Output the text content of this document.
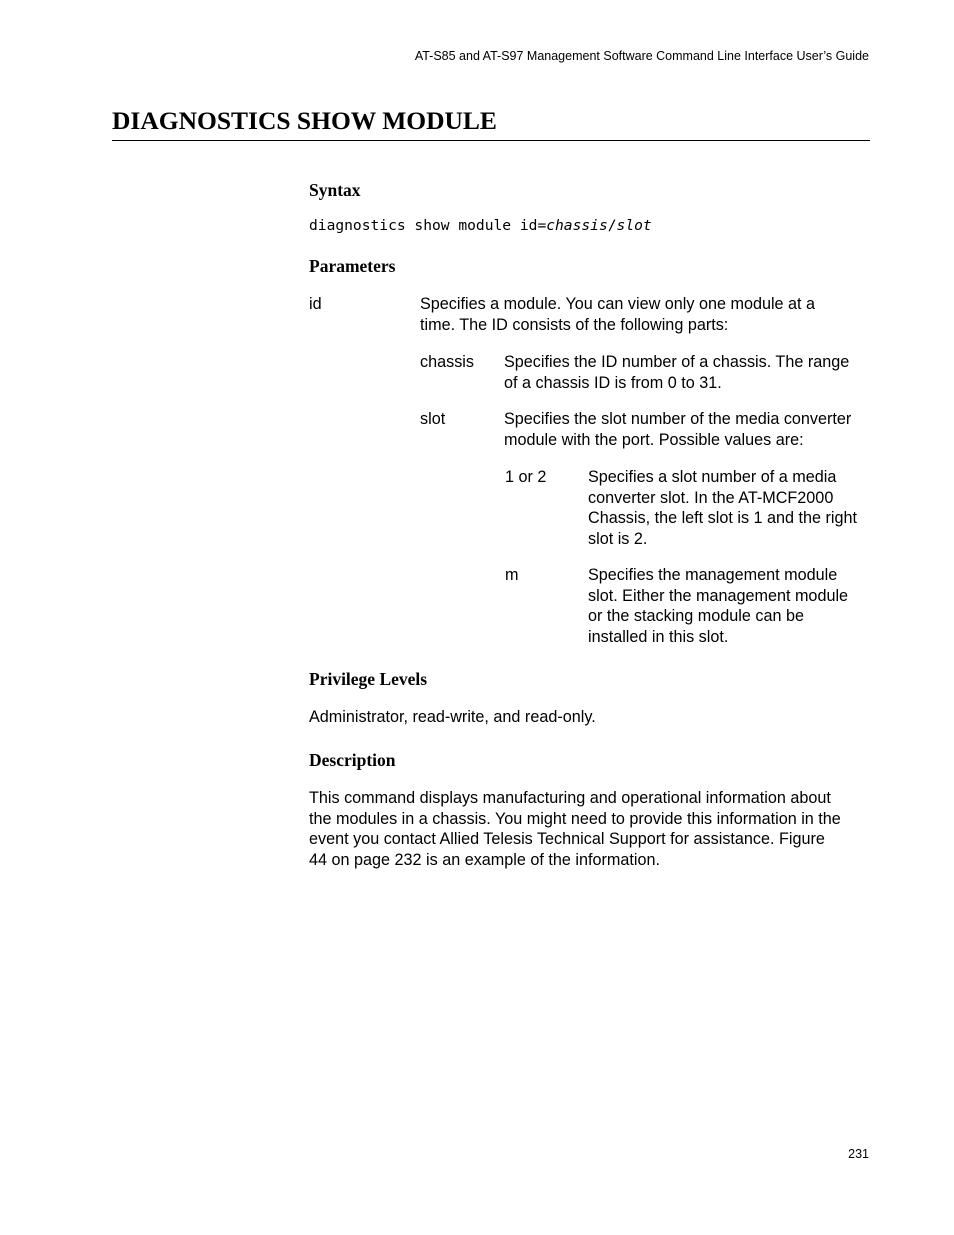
AT-S85 and AT-S97 Management Software Command Line Interface User’s Guide
DIAGNOSTICS SHOW MODULE
Syntax
diagnostics show module id=chassis/slot
Parameters
id	Specifies a module. You can view only one module at a
time. The ID consists of the following parts:
chassis Specifies the ID number of a chassis. The range
of a chassis ID is from 0 to 31.
slot	Specifies the slot number of the media converter
module with the port. Possible values are:
1 or 2	Specifies a slot number of a media
converter slot. In the AT-MCF2000
Chassis, the left slot is 1 and the right
slot is 2.
m	Specifies the management module
slot. Either the management module
or the stacking module can be
installed in this slot.
Privilege Levels
Administrator, read-write, and read-only.
Description
This command displays manufacturing and operational information about
the modules in a chassis. You might need to provide this information in the
event you contact Allied Telesis Technical Support for assistance. Figure
44 on page 232 is an example of the information.
231
